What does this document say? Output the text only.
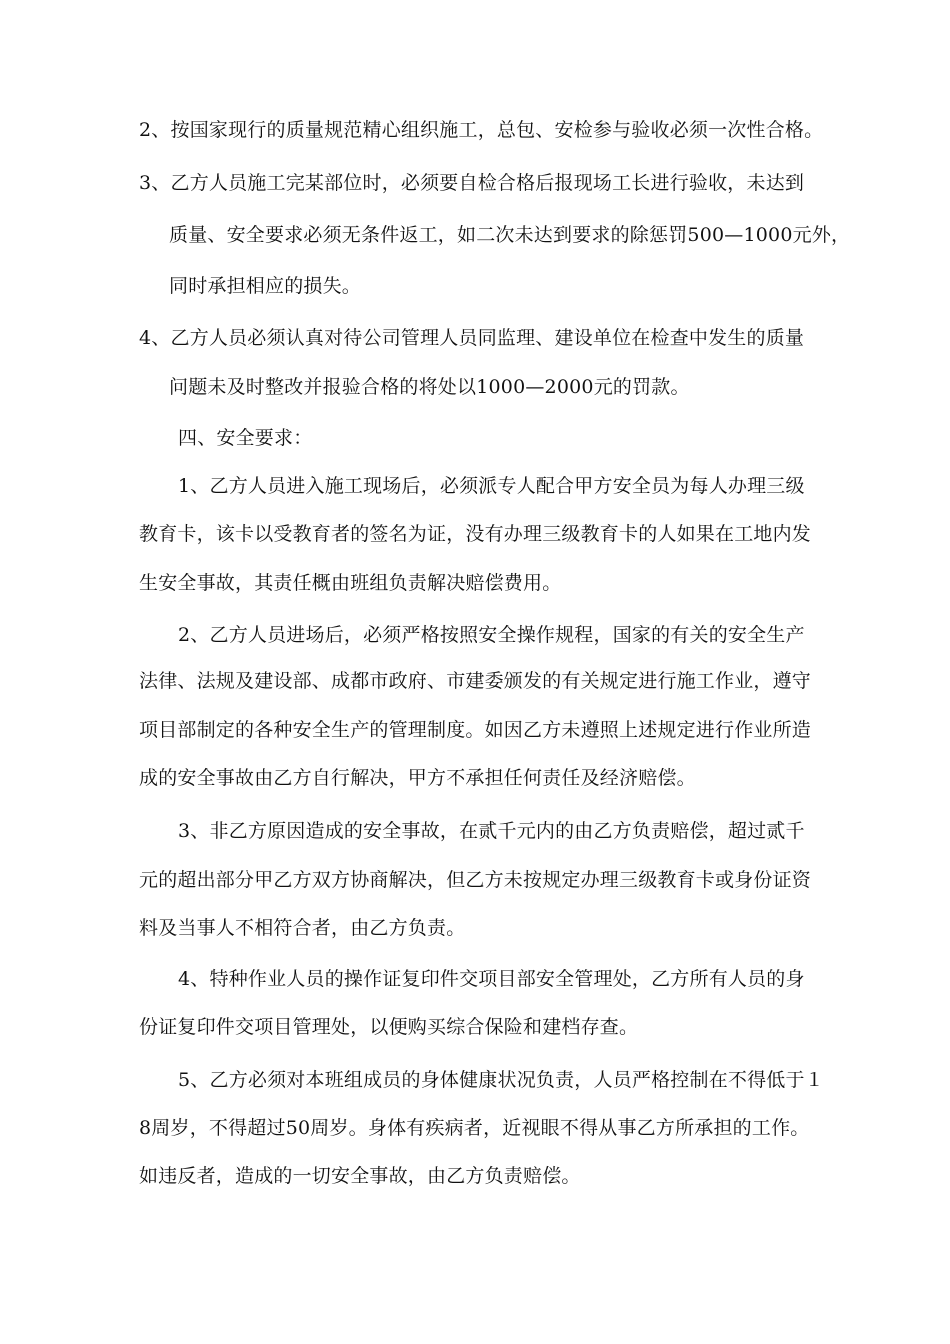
2、按国家现行的质量规范精心组织施工，总包、安检参与验收必须一次性合格。
3、乙方人员施工完某部位时，必须要自检合格后报现场工长进行验收，未达到
质量、安全要求必须无条件返工，如二次未达到要求的除惩罚500—1000元外，
同时承担相应的损失。
4、乙方人员必须认真对待公司管理人员同监理、建设单位在检查中发生的质量
问题未及时整改并报验合格的将处以1000—2000元的罚款。
四、安全要求：
1、乙方人员进入施工现场后，必须派专人配合甲方安全员为每人办理三级
教育卡，该卡以受教育者的签名为证，没有办理三级教育卡的人如果在工地内发
生安全事故，其责任概由班组负责解决赔偿费用。
2、乙方人员进场后，必须严格按照安全操作规程，国家的有关的安全生产
法律、法规及建设部、成都市政府、市建委颁发的有关规定进行施工作业，遵守
项目部制定的各种安全生产的管理制度。如因乙方未遵照上述规定进行作业所造
成的安全事故由乙方自行解决，甲方不承担任何责任及经济赔偿。
3、非乙方原因造成的安全事故，在贰千元内的由乙方负责赔偿，超过贰千
元的超出部分甲乙方双方协商解决，但乙方未按规定办理三级教育卡或身份证资
料及当事人不相符合者，由乙方负责。
4、特种作业人员的操作证复印件交项目部安全管理处，乙方所有人员的身
份证复印件交项目管理处，以便购买综合保险和建档存查。
5、乙方必须对本班组成员的身体健康状况负责，人员严格控制在不得低于１
8周岁，不得超过50周岁。身体有疾病者，近视眼不得从事乙方所承担的工作。
如违反者，造成的一切安全事故，由乙方负责赔偿。
